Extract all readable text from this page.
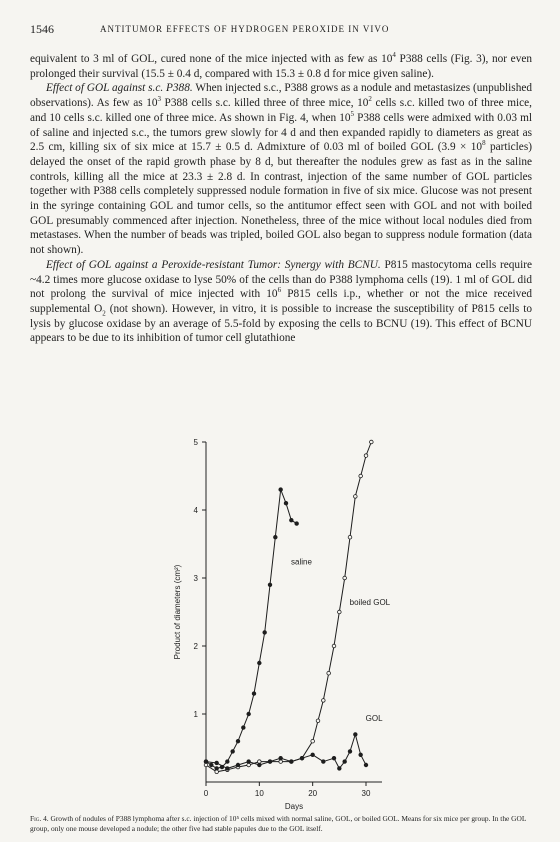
1546	ANTITUMOR EFFECTS OF HYDROGEN PEROXIDE IN VIVO

equivalent to 3 ml of GOL, cured none of the mice injected with as few as $10^4$ P388 cells (Fig. 3), nor even prolonged their survival (15.5 ± 0.4 d, compared with 15.3 ± 0.8 d for mice given saline).

Effect of GOL against s.c. P388. When injected s.c., P388 grows as a nodule and metastasizes (unpublished observations). As few as $10^3$ P388 cells s.c. killed three of three mice, $10^2$ cells s.c. killed two of three mice, and 10 cells s.c. killed one of three mice. As shown in Fig. 4, when $10^5$ P388 cells were admixed with 0.03 ml of saline and injected s.c., the tumors grew slowly for 4 d and then expanded rapidly to diameters as great as 2.5 cm, killing six of six mice at 15.7 ± 0.5 d. Admixture of 0.03 ml of boiled GOL ($3.9 \times 10^8$ particles) delayed the onset of the rapid growth phase by 8 d, but thereafter the nodules grew as fast as in the saline controls, killing all the mice at 23.3 ± 2.8 d. In contrast, injection of the same number of GOL particles together with P388 cells completely suppressed nodule formation in five of six mice. Glucose was not present in the syringe containing GOL and tumor cells, so the antitumor effect seen with GOL and not with boiled GOL presumably commenced after injection. Nonetheless, three of the mice without local nodules died from metastases. When the number of beads was tripled, boiled GOL also began to suppress nodule formation (data not shown).

Effect of GOL against a Peroxide-resistant Tumor: Synergy with BCNU. P815 mastocytoma cells require ~4.2 times more glucose oxidase to lyse 50% of the cells than do P388 lymphoma cells (19). 1 ml of GOL did not prolong the survival of mice injected with $10^6$ P815 cells i.p., whether or not the mice received supplemental $O_2$ (not shown). However, in vitro, it is possible to increase the susceptibility of P815 cells to lysis by glucose oxidase by an average of 5.5-fold by exposing the cells to BCNU (19). This effect of BCNU appears to be due to its inhibition of tumor cell glutathione

1
2
3
4
5
0	10	20	30
Days
Product of diameters (cm²)
saline
boiled GOL
GOL

Fig. 4. Growth of nodules of P388 lymphoma after s.c. injection of 10⁵ cells mixed with normal saline, GOL, or boiled GOL. Means for six mice per group. In the GOL group, only one mouse developed a nodule; the other five had stable papules due to the GOL itself.
